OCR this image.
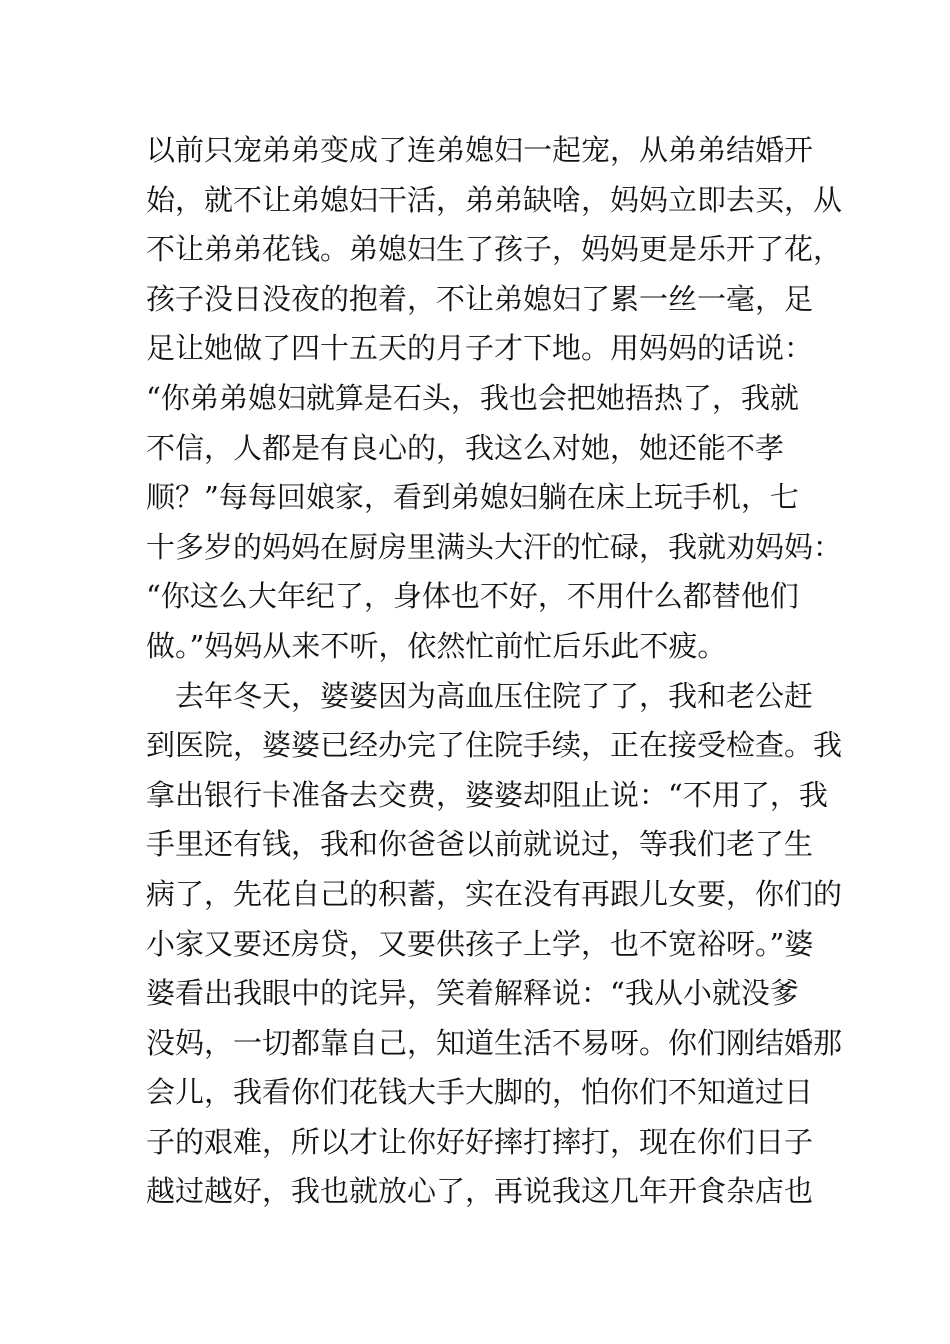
以前只宠弟弟变成了连弟媳妇一起宠，从弟弟结婚开
始，就不让弟媳妇干活，弟弟缺啥，妈妈立即去买，从
不让弟弟花钱。弟媳妇生了孩子，妈妈更是乐开了花，
孩子没日没夜的抱着，不让弟媳妇了累一丝一毫，足
足让她做了四十五天的月子才下地。用妈妈的话说：
“你弟弟媳妇就算是石头，我也会把她捂热了，我就
不信，人都是有良心的，我这么对她，她还能不孝
顺？”每每回娘家，看到弟媳妇躺在床上玩手机，七
十多岁的妈妈在厨房里满头大汗的忙碌，我就劝妈妈：
“你这么大年纪了，身体也不好，不用什么都替他们
做。”妈妈从来不听，依然忙前忙后乐此不疲。
　去年冬天，婆婆因为高血压住院了了，我和老公赶
到医院，婆婆已经办完了住院手续，正在接受检查。我
拿出银行卡准备去交费，婆婆却阻止说：“不用了，我
手里还有钱，我和你爸爸以前就说过，等我们老了生
病了，先花自己的积蓄，实在没有再跟儿女要，你们的
小家又要还房贷，又要供孩子上学，也不宽裕呀。”婆
婆看出我眼中的诧异，笑着解释说：“我从小就没爹
没妈，一切都靠自己，知道生活不易呀。你们刚结婚那
会儿，我看你们花钱大手大脚的，怕你们不知道过日
子的艰难，所以才让你好好摔打摔打，现在你们日子
越过越好，我也就放心了，再说我这几年开食杂店也
